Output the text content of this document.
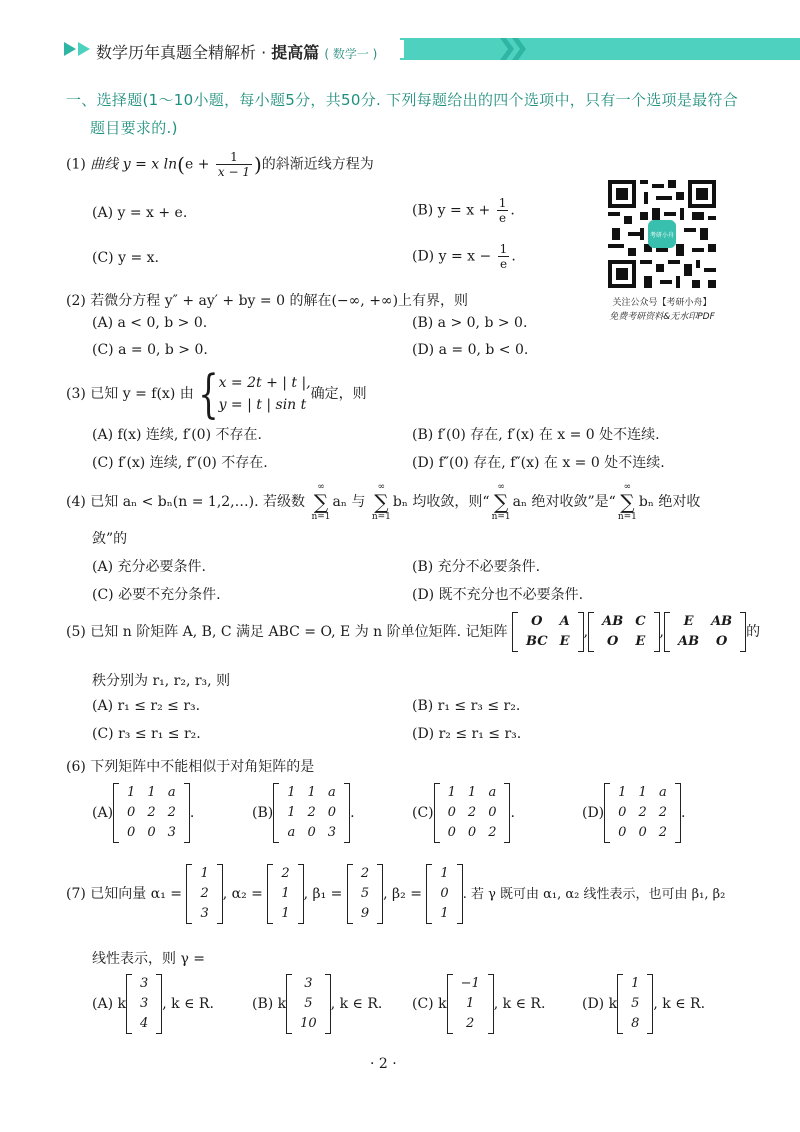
数学历年真题全精解析 · 提高篇 ( 数学一 )
一、选择题(1～10小题，每小题5分，共50分. 下列每题给出的四个选项中，只有一个选项是最符合
题目要求的.)
(1) 曲线 y = x $\ln(e + \frac{1}{x - 1}$ )的斜渐近线方程为
(A) y = x + e.	(B) $y = x + \frac{1}{e}$ .
(C) y = x.	(D) $y = x - \frac{1}{e}$ .
考研小舟
关注公众号【考研小舟】
免费考研资料&无水印PDF
(2) 若微分方程 y″ + ay′ + by = 0 的解在(−∞, +∞)上有界，则
(A) a < 0, b > 0.	(B) a > 0, b > 0.
(C) a = 0, b > 0.	(D) a = 0, b < 0.
(3) 已知 y = f(x) 由 { x = 2t + | t |,
y = | t | sin t
确定，则
(A) f(x) 连续, f′(0) 不存在.	(B) f′(0) 存在, f′(x) 在 x = 0 处不连续.
(C) f′(x) 连续, f″(0) 不存在.	(D) f″(0) 存在, f″(x) 在 x = 0 处不连续.
(4) 已知 aₙ < bₙ(n = 1,2,…). 若级数 ∞
∑
n=1aₙ 与 ∞
∑
n=1bₙ 均收敛，则“∞
∑
n=1aₙ 绝对收敛”是“∞
∑
n=1bₙ 绝对收
敛”的
(A) 充分必要条件.	(B) 充分不必要条件.
(C) 必要不充分条件.	(D) 既不充分也不必要条件.
(5) 已知 n 阶矩阵 A, B, C 满足 ABC = O, E 为 n 阶单位矩阵. 记矩阵
O	A
BC	E
,
AB	C
O	E
,
E	AB
AB	O
的
秩分别为 r₁, r₂, r₃, 则
(A) r₁ ≤ r₂ ≤ r₃.	(B) r₁ ≤ r₃ ≤ r₂.
(C) r₃ ≤ r₁ ≤ r₂.	(D) r₂ ≤ r₁ ≤ r₃.
(6) 下列矩阵中不能相似于对角矩阵的是
(A)
1	1	a
0	2	2
0	0	3
.	(B)
1	1	a
1	2	0
a	0	3
.	(C)
1	1	a
0	2	0
0	0	2
.	(D)
1	1	a
0	2	2
0	0	2
.
(7) 已知向量 α₁ =
1
2
3
, α₂ =
2
1
1
, β₁ =
2
5
9
, β₂ =
1
0
1
. 若 γ 既可由 α₁, α₂ 线性表示，也可由 β₁, β₂
线性表示，则 γ =
(A) k
3
3
4
, k ∈ R.	(B) k
3
5
10
, k ∈ R. (C) k
−1
1
2
, k ∈ R.	(D) k
1
5
8
, k ∈ R.
· 2 ·
